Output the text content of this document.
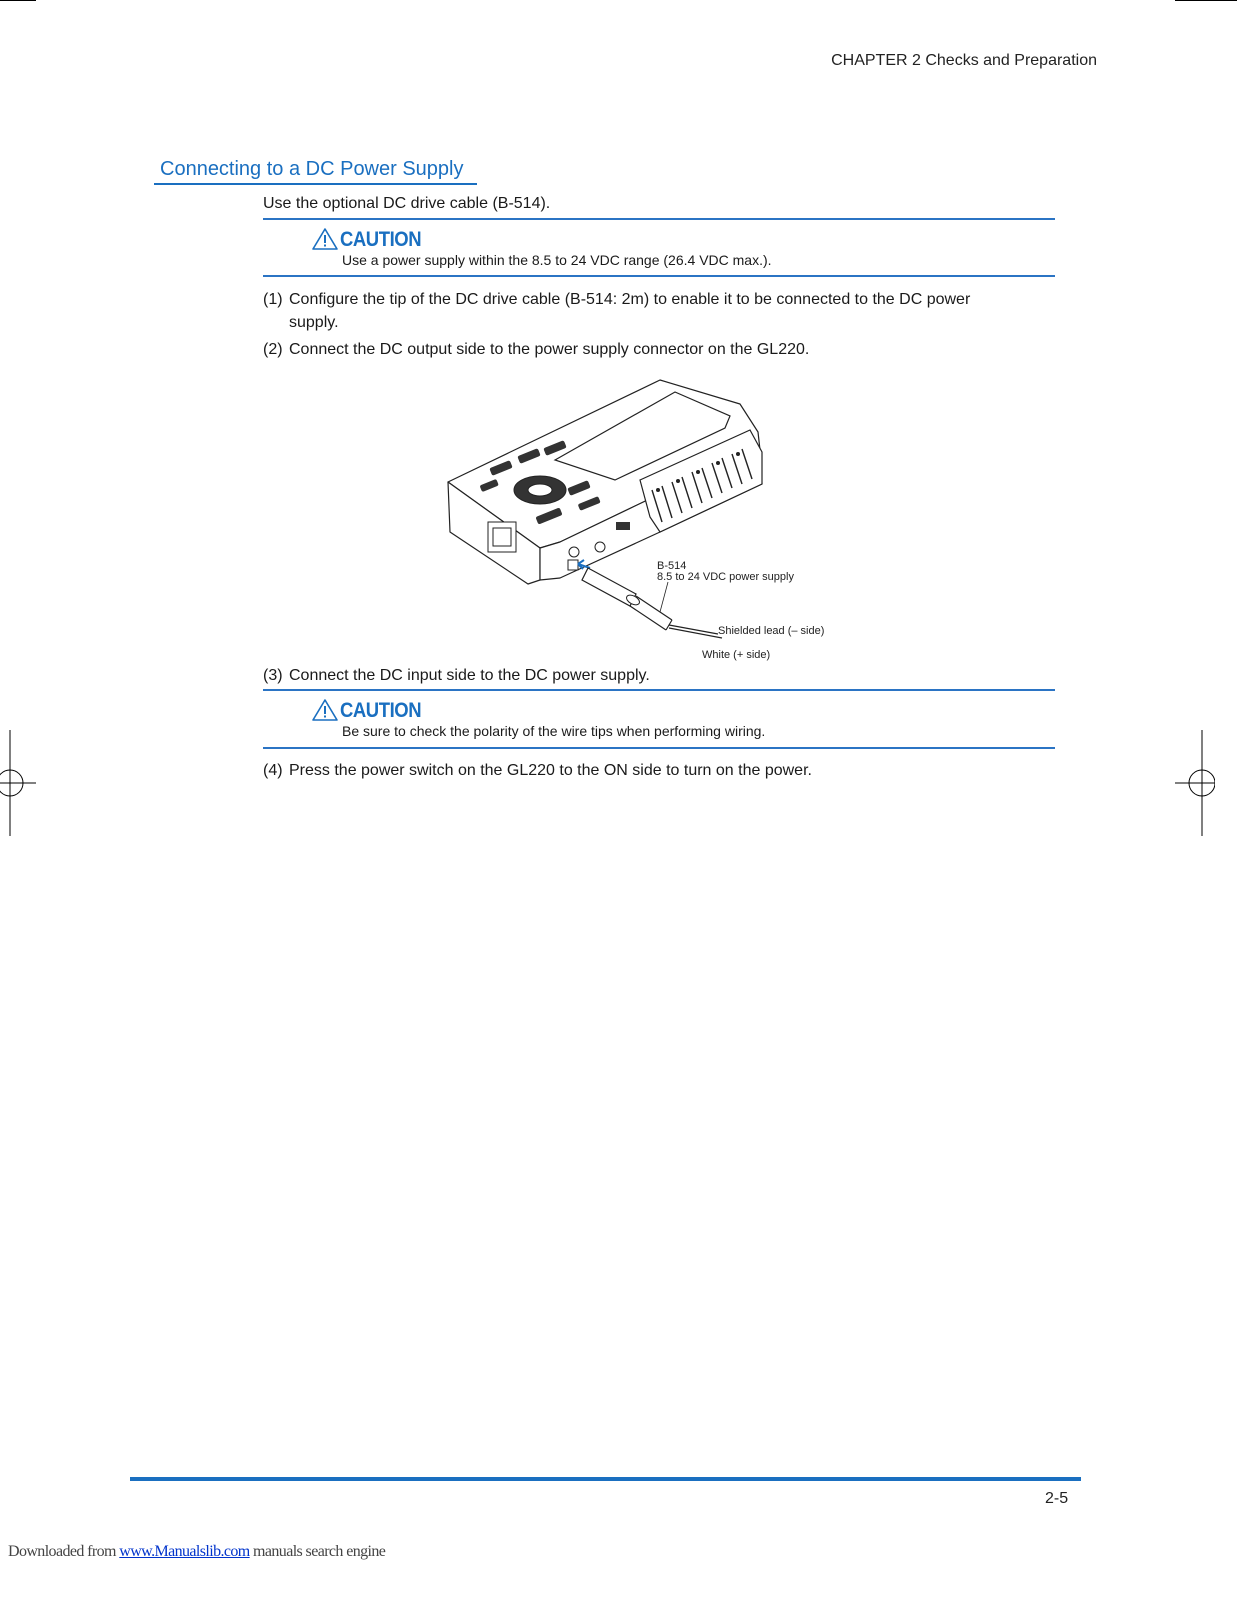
CHAPTER 2 Checks and Preparation
Connecting to a DC Power Supply
Use the optional DC drive cable (B-514).
CAUTION
Use a power supply within the 8.5 to 24 VDC range (26.4 VDC max.).
(1) Configure the tip of the DC drive cable (B-514: 2m) to enable it to be connected to the DC power
supply.
(2) Connect the DC output side to the power supply connector on the GL220.
B-514
8.5 to 24 VDC power supply
Shielded lead (– side)
White (+ side)
(3) Connect the DC input side to the DC power supply.
CAUTION
Be sure to check the polarity of the wire tips when performing wiring.
(4) Press the power switch on the GL220 to the ON side to turn on the power.
2-5
Downloaded from www.Manualslib.com manuals search engine
